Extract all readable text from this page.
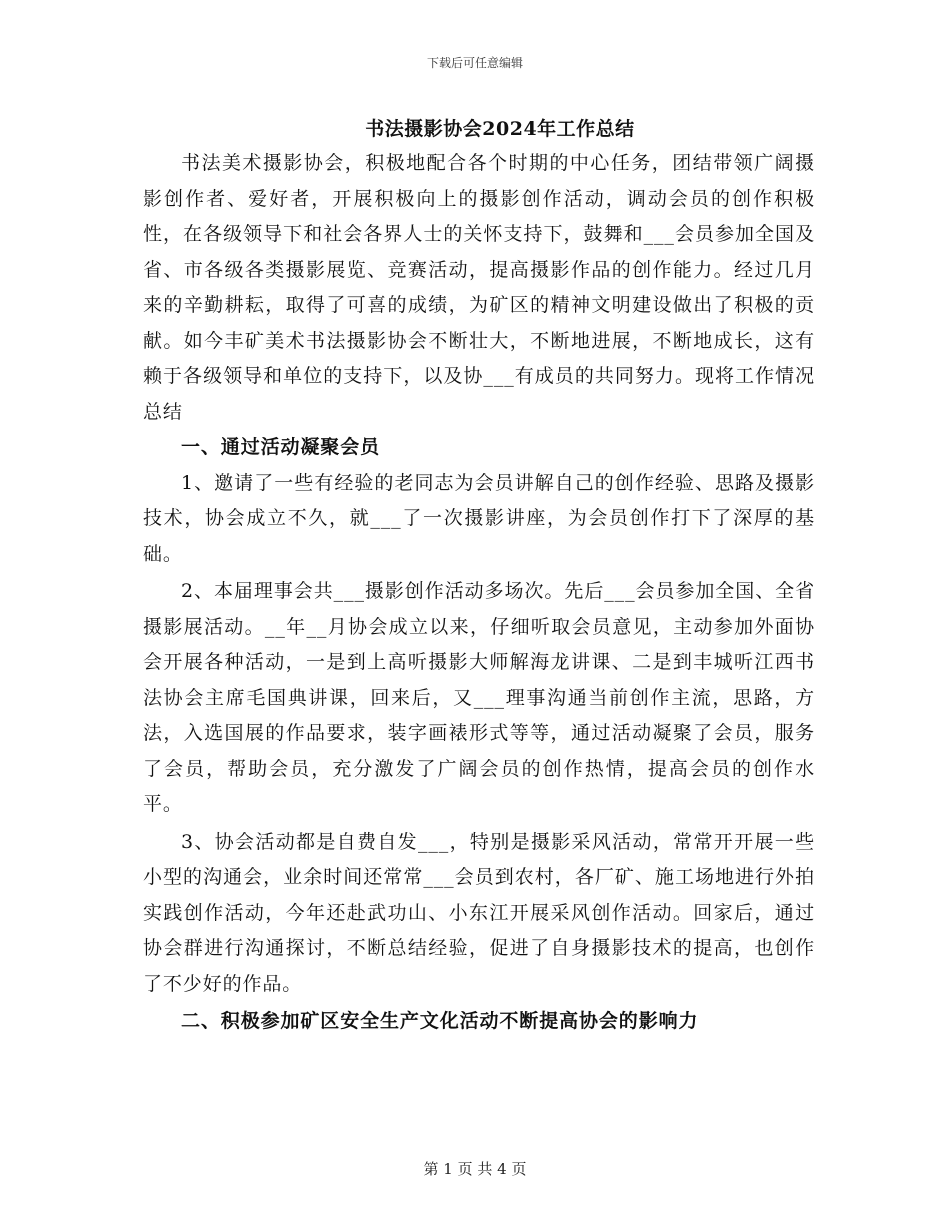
下载后可任意编辑
书法摄影协会2024年工作总结

书法美术摄影协会，积极地配合各个时期的中心任务，团结带领广阔摄影创作者、爱好者，开展积极向上的摄影创作活动，调动会员的创作积极性，在各级领导下和社会各界人士的关怀支持下，鼓舞和___会员参加全国及省、市各级各类摄影展览、竞赛活动，提高摄影作品的创作能力。经过几月来的辛勤耕耘，取得了可喜的成绩，为矿区的精神文明建设做出了积极的贡献。如今丰矿美术书法摄影协会不断壮大，不断地进展，不断地成长，这有赖于各级领导和单位的支持下，以及协___有成员的共同努力。现将工作情况总结

一、通过活动凝聚会员

1、邀请了一些有经验的老同志为会员讲解自己的创作经验、思路及摄影技术，协会成立不久，就___了一次摄影讲座，为会员创作打下了深厚的基础。

2、本届理事会共___摄影创作活动多场次。先后___会员参加全国、全省摄影展活动。__年__月协会成立以来，仔细听取会员意见，主动参加外面协会开展各种活动，一是到上高听摄影大师解海龙讲课、二是到丰城听江西书法协会主席毛国典讲课，回来后，又___理事沟通当前创作主流，思路，方法，入选国展的作品要求，装字画裱形式等等，通过活动凝聚了会员，服务了会员，帮助会员，充分激发了广阔会员的创作热情，提高会员的创作水平。

3、协会活动都是自费自发___，特别是摄影采风活动，常常开开展一些小型的沟通会，业余时间还常常___会员到农村，各厂矿、施工场地进行外拍实践创作活动，今年还赴武功山、小东江开展采风创作活动。回家后，通过协会群进行沟通探讨，不断总结经验，促进了自身摄影技术的提高，也创作了不少好的作品。

二、积极参加矿区安全生产文化活动不断提高协会的影响力

第 1 页 共 4 页
